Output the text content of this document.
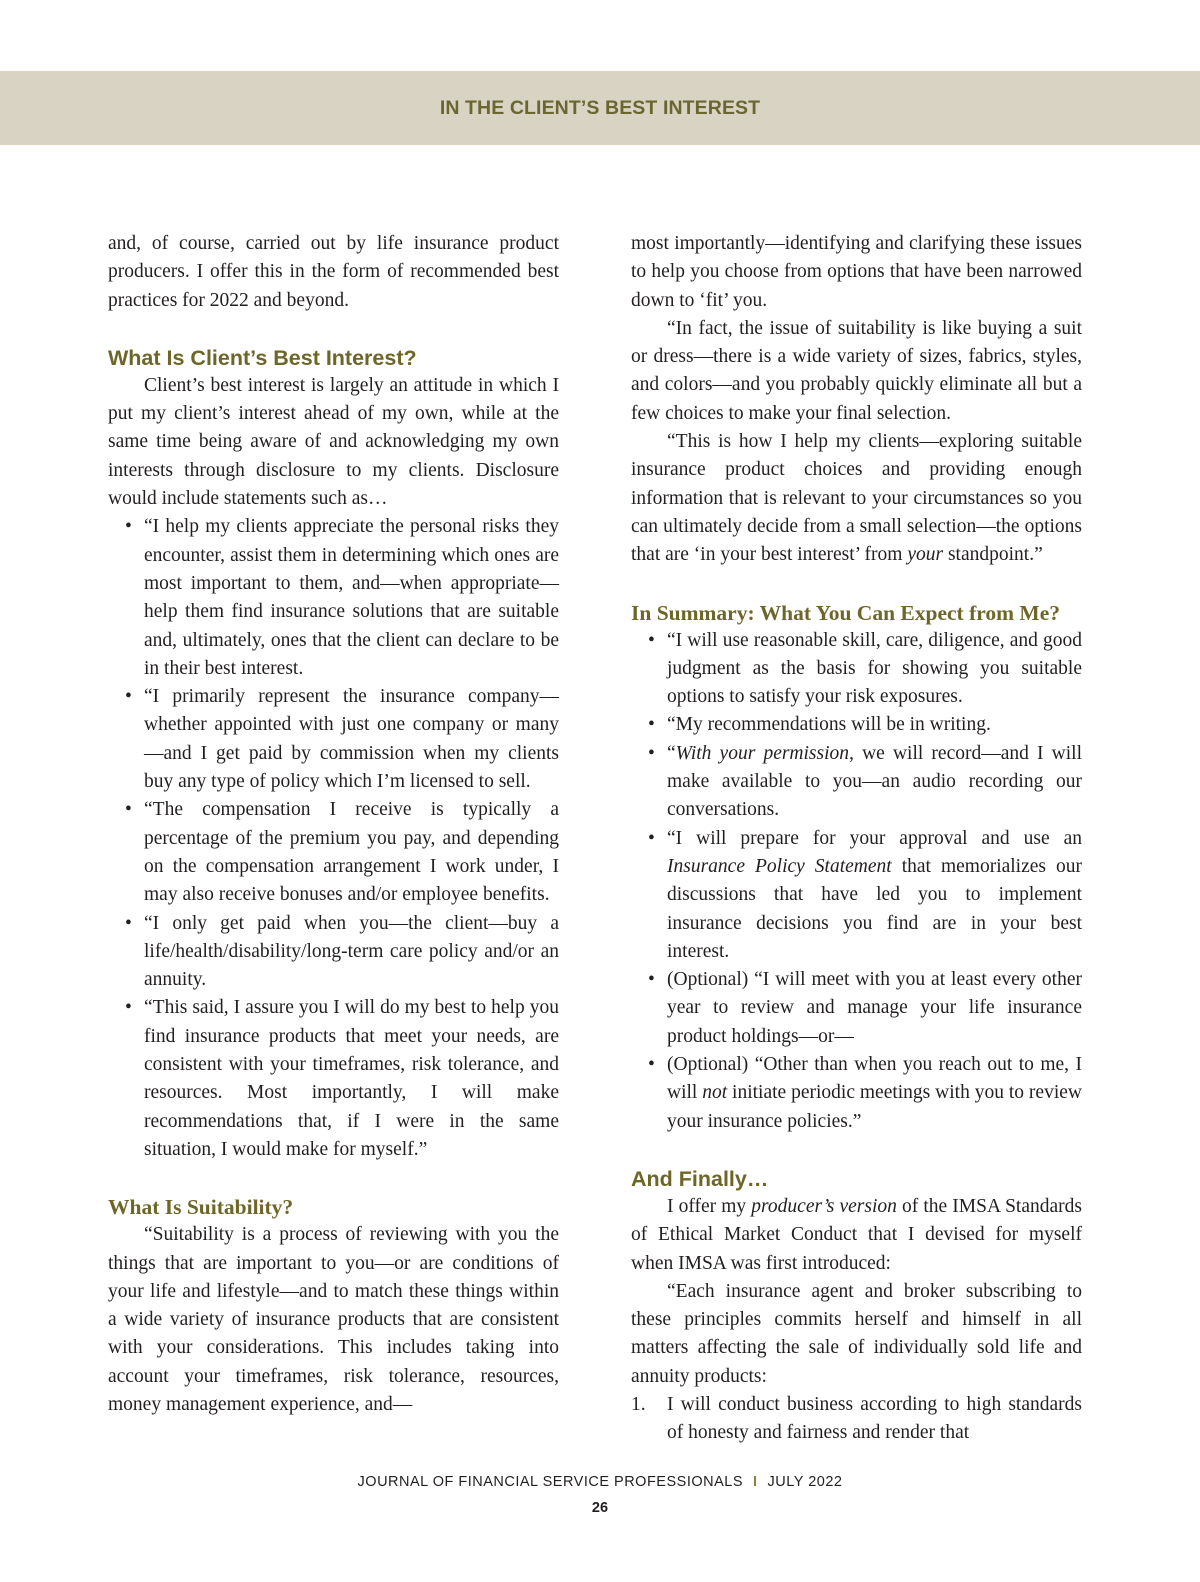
IN THE CLIENT’S BEST INTEREST

and, of course, carried out by life insurance product producers. I offer this in the form of recommended best practices for 2022 and beyond.

What Is Client’s Best Interest?

Client’s best interest is largely an attitude in which I put my client’s interest ahead of my own, while at the same time being aware of and acknowledging my own interests through disclosure to my clients. Disclosure would include statements such as…

• “I help my clients appreciate the personal risks they encounter, assist them in determining which ones are most important to them, and—when appropriate—help them find insurance solutions that are suitable and, ultimately, ones that the client can declare to be in their best interest.
• “I primarily represent the insurance company—whether appointed with just one company or many—and I get paid by commission when my clients buy any type of policy which I’m licensed to sell.
• “The compensation I receive is typically a percentage of the premium you pay, and depending on the compensation arrangement I work under, I may also receive bonuses and/or employee benefits.
• “I only get paid when you—the client—buy a life/health/disability/long-term care policy and/or an annuity.
• “This said, I assure you I will do my best to help you find insurance products that meet your needs, are consistent with your timeframes, risk tolerance, and resources. Most importantly, I will make recommendations that, if I were in the same situation, I would make for myself.”
What Is Suitability?

“Suitability is a process of reviewing with you the things that are important to you—or are conditions of your life and lifestyle—and to match these things within a wide variety of insurance products that are consistent with your considerations. This includes taking into account your timeframes, risk tolerance, resources, money management experience, and—

most importantly—identifying and clarifying these issues to help you choose from options that have been narrowed down to ‘fit’ you.

“In fact, the issue of suitability is like buying a suit or dress—there is a wide variety of sizes, fabrics, styles, and colors—and you probably quickly eliminate all but a few choices to make your final selection.

“This is how I help my clients—exploring suitable insurance product choices and providing enough information that is relevant to your circumstances so you can ultimately decide from a small selection—the options that are ‘in your best interest’ from your standpoint.”

In Summary: What You Can Expect from Me?
• “I will use reasonable skill, care, diligence, and good judgment as the basis for showing you suitable options to satisfy your risk exposures.
• “My recommendations will be in writing.
• “With your permission, we will record—and I will make available to you—an audio recording our conversations.
• “I will prepare for your approval and use an Insurance Policy Statement that memorializes our discussions that have led you to implement insurance decisions you find are in your best interest.
• (Optional) “I will meet with you at least every other year to review and manage your life insurance product holdings—or—
• (Optional) “Other than when you reach out to me, I will not initiate periodic meetings with you to review your insurance policies.”
And Finally…

I offer my producer’s version of the IMSA Standards of Ethical Market Conduct that I devised for myself when IMSA was first introduced:

“Each insurance agent and broker subscribing to these principles commits herself and himself in all matters affecting the sale of individually sold life and annuity products:

1. I will conduct business according to high standards of honesty and fairness and render that
JOURNAL OF FINANCIAL SERVICE PROFESSIONALS I JULY 2022
26
